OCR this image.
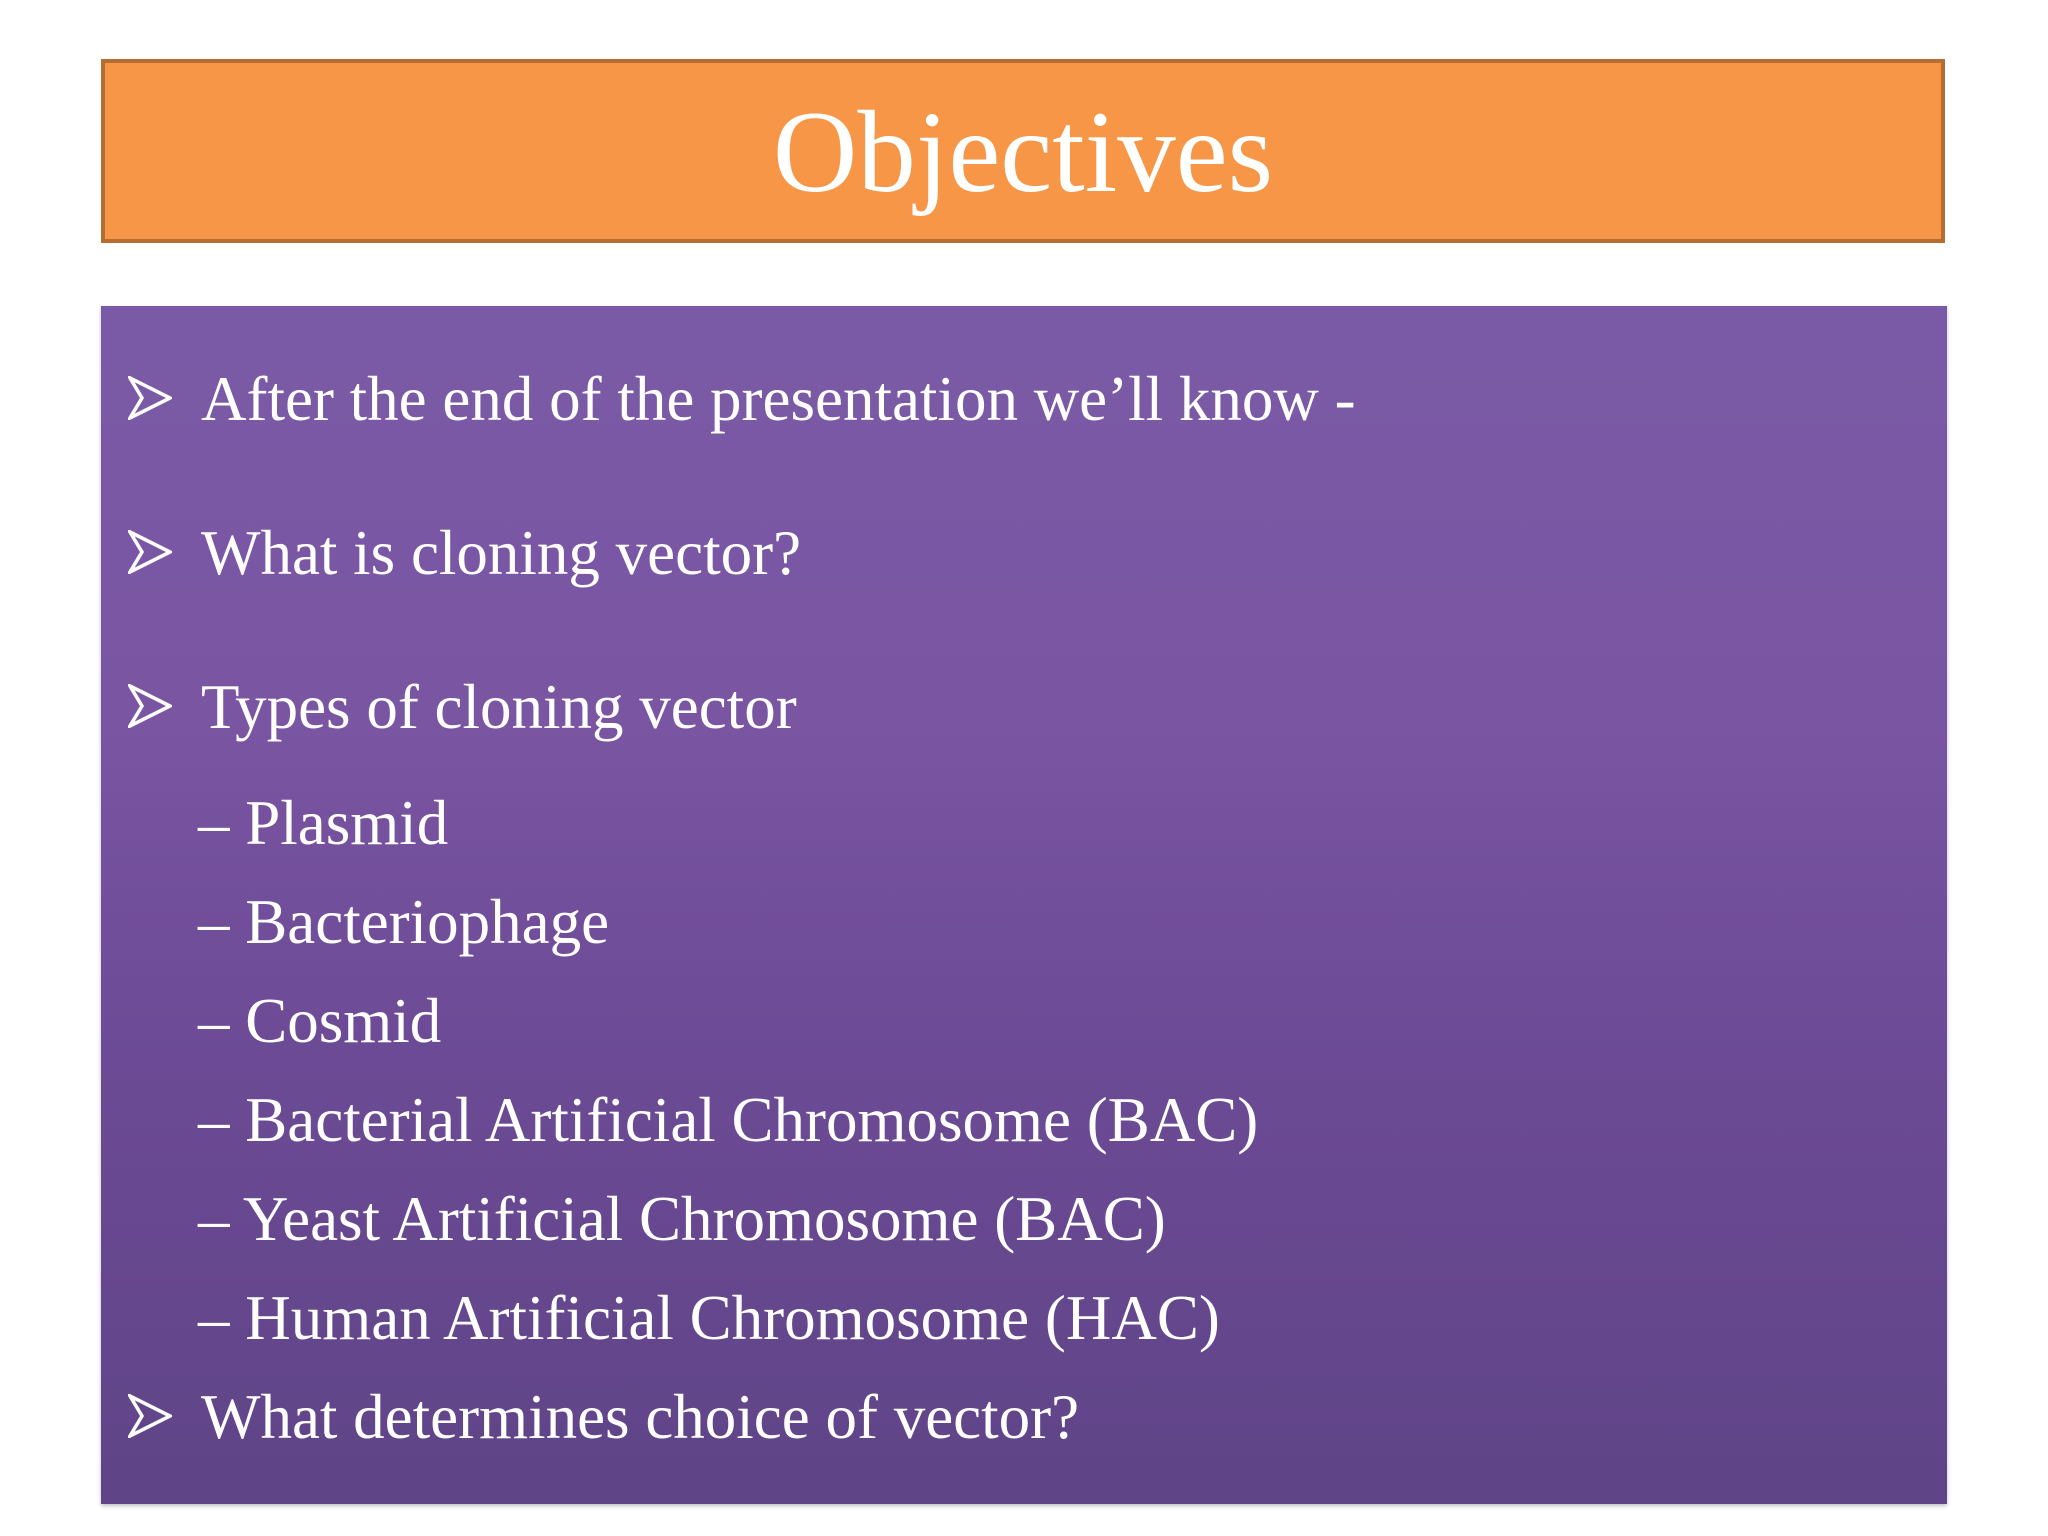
Objectives
After the end of the presentation we’ll know -
What is cloning vector?
Types of cloning vector
– Plasmid
– Bacteriophage
– Cosmid
– Bacterial Artificial Chromosome (BAC)
– Yeast Artificial Chromosome (BAC)
– Human Artificial Chromosome (HAC)
What determines choice of vector?
